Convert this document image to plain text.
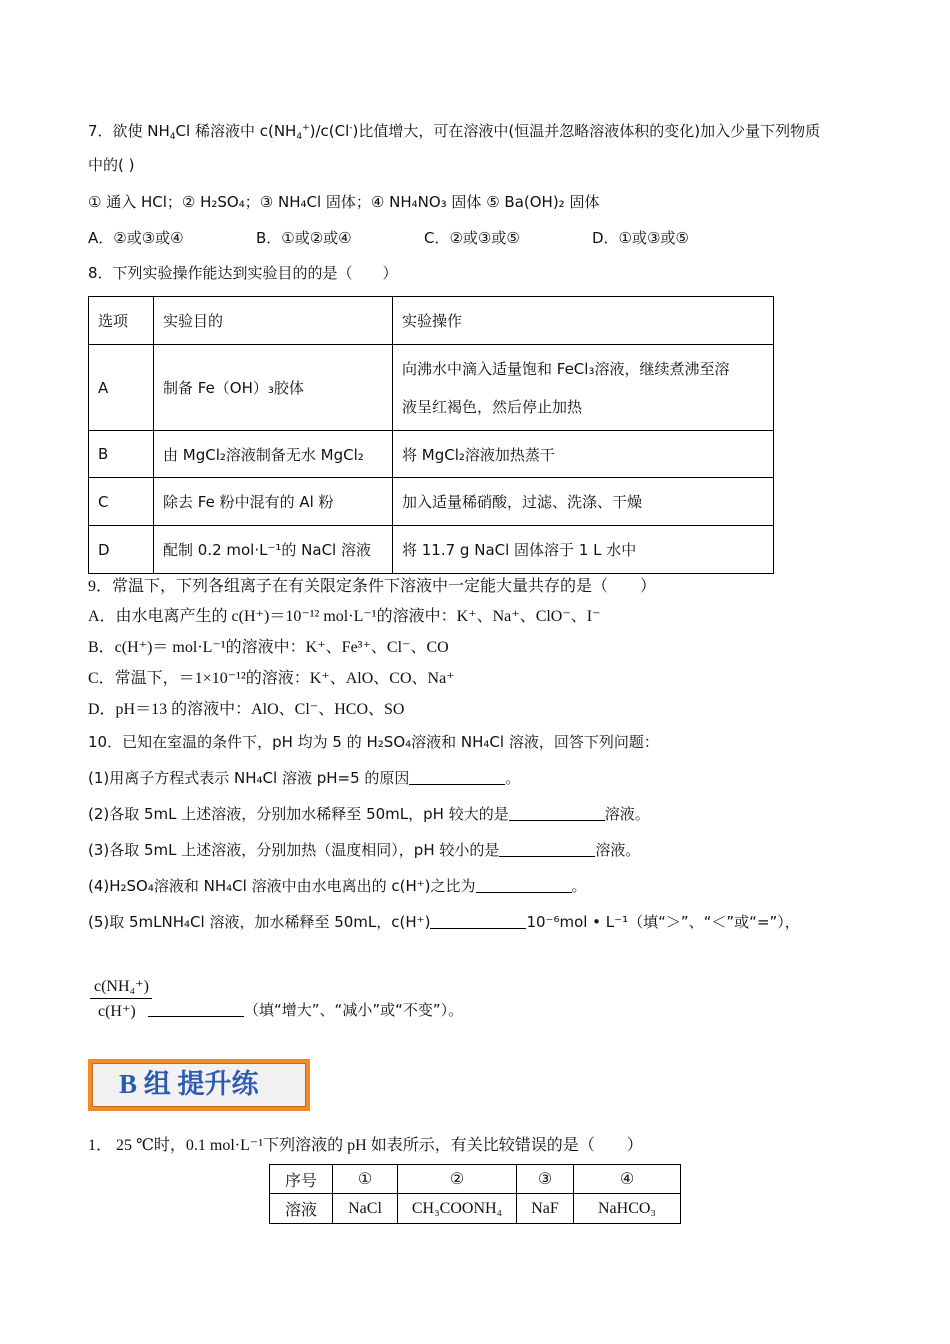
7．欲使 $NH_4Cl$ 稀溶液中 $c(NH_4^+)/c(Cl^-)$比值增大，可在溶液中(恒温并忽略溶液体积的变化)加入少量下列物质
中的( )
① 通入 HCl；② H₂SO₄；③ NH₄Cl 固体；④ NH₄NO₃ 固体 ⑤ Ba(OH)₂ 固体
A．②或③或④	B．①或②或④	C．②或③或⑤	D．①或③或⑤
8．下列实验操作能达到实验目的的是（　　）
选项	实验目的	实验操作
A	制备 Fe（OH）₃胶体	向沸水中滴入适量饱和 FeCl₃溶液，继续煮沸至溶
液呈红褐色，然后停止加热

B	由 MgCl₂溶液制备无水 MgCl₂	将 MgCl₂溶液加热蒸干
C	除去 Fe 粉中混有的 Al 粉	加入适量稀硝酸，过滤、洗涤、干燥
D	配制 0.2 mol·L⁻¹的 NaCl 溶液	将 11.7 g NaCl 固体溶于 1 L 水中
9．常温下，下列各组离子在有关限定条件下溶液中一定能大量共存的是（　　）
A．由水电离产生的 c(H⁺)＝10⁻¹² mol·L⁻¹的溶液中：K⁺、Na⁺、ClO⁻、I⁻
B．c(H⁺)＝ mol·L⁻¹的溶液中：K⁺、Fe³⁺、Cl⁻、CO
C．常温下，＝1×10⁻¹²的溶液：K⁺、AlO、CO、Na⁺
D．pH＝13 的溶液中：AlO、Cl⁻、HCO、SO
10．已知在室温的条件下，pH 均为 5 的 H₂SO₄溶液和 NH₄Cl 溶液，回答下列问题：
(1)用离子方程式表示 NH₄Cl 溶液 pH=5 的原因	。
(2)各取 5mL 上述溶液，分别加水稀释至 50mL，pH 较大的是	溶液。
(3)各取 5mL 上述溶液，分别加热（温度相同），pH 较小的是	溶液。
(4)H₂SO₄溶液和 NH₄Cl 溶液中由水电离出的 c(H⁺)之比为	。
(5)取 5mLNH₄Cl 溶液，加水稀释至 50mL，c(H⁺)	10⁻⁶mol • L⁻¹（填“＞”、“＜”或“=”），
$\frac{\text{c(NH₄⁺)}}{c(H^+)}$	（填“增大”、“减小”或“不变”）。
B 组 提升练
1． 25 ℃时，0.1 mol·L⁻¹下列溶液的 pH 如表所示，有关比较错误的是（　　）
序号	①	②	③	④
溶液	NaCl	CH₃COONH₄	NaF	NaHCO₃
